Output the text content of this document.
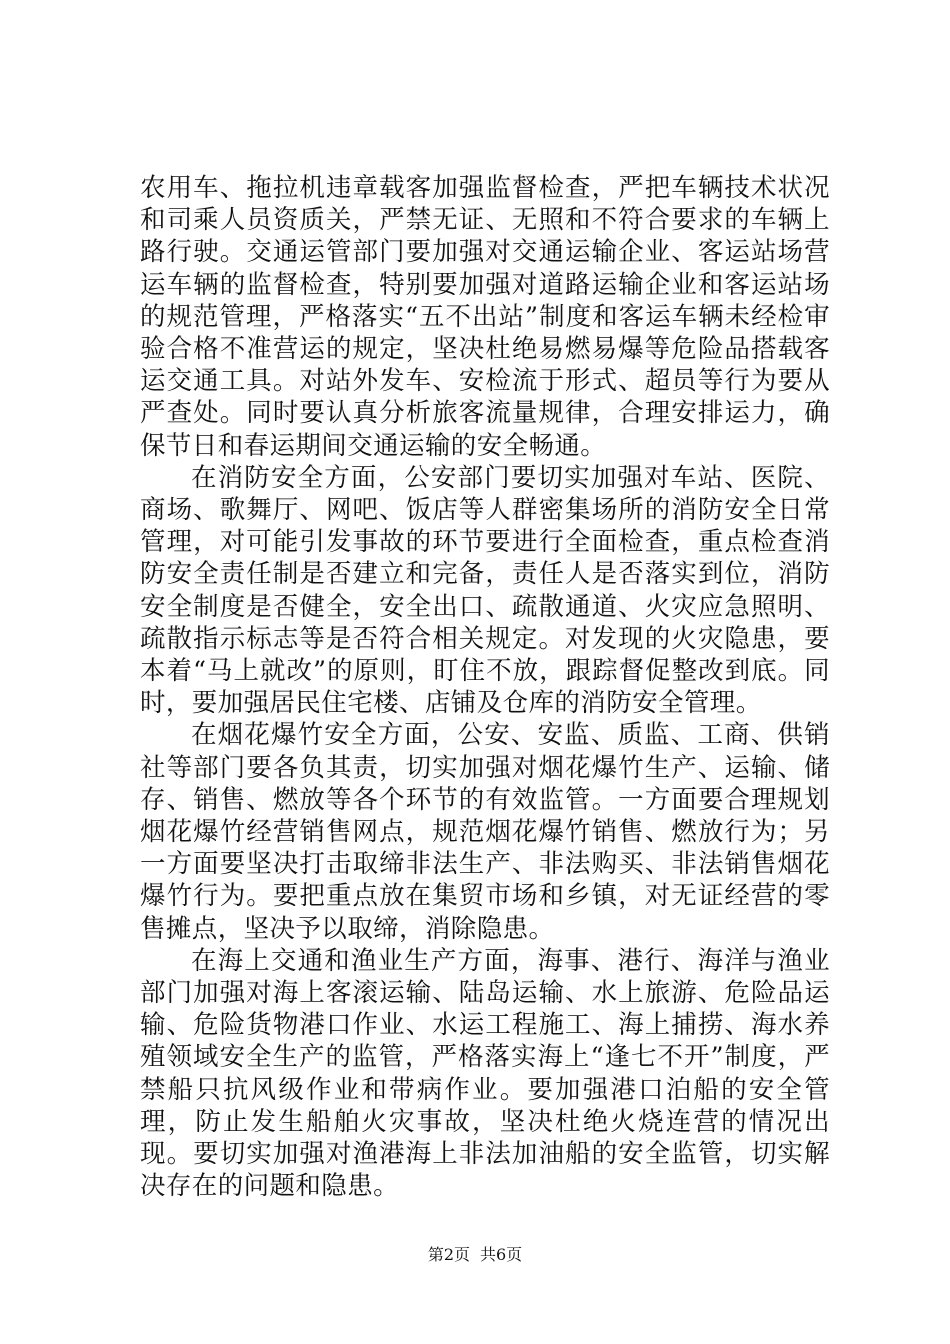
农用车、拖拉机违章载客加强监督检查，严把车辆技术状况和司乘人员资质关，严禁无证、无照和不符合要求的车辆上路行驶。交通运管部门要加强对交通运输企业、客运站场营运车辆的监督检查，特别要加强对道路运输企业和客运站场的规范管理，严格落实“五不出站”制度和客运车辆未经检审验合格不准营运的规定，坚决杜绝易燃易爆等危险品搭载客运交通工具。对站外发车、安检流于形式、超员等行为要从严查处。同时要认真分析旅客流量规律，合理安排运力，确保节日和春运期间交通运输的安全畅通。

在消防安全方面，公安部门要切实加强对车站、医院、商场、歌舞厅、网吧、饭店等人群密集场所的消防安全日常管理，对可能引发事故的环节要进行全面检查，重点检查消防安全责任制是否建立和完备，责任人是否落实到位，消防安全制度是否健全，安全出口、疏散通道、火灾应急照明、疏散指示标志等是否符合相关规定。对发现的火灾隐患，要本着“马上就改”的原则，盯住不放，跟踪督促整改到底。同时，要加强居民住宅楼、店铺及仓库的消防安全管理。

在烟花爆竹安全方面，公安、安监、质监、工商、供销社等部门要各负其责，切实加强对烟花爆竹生产、运输、储存、销售、燃放等各个环节的有效监管。一方面要合理规划烟花爆竹经营销售网点，规范烟花爆竹销售、燃放行为；另一方面要坚决打击取缔非法生产、非法购买、非法销售烟花爆竹行为。要把重点放在集贸市场和乡镇，对无证经营的零售摊点，坚决予以取缔，消除隐患。

在海上交通和渔业生产方面，海事、港行、海洋与渔业部门加强对海上客滚运输、陆岛运输、水上旅游、危险品运输、危险货物港口作业、水运工程施工、海上捕捞、海水养殖领域安全生产的监管，严格落实海上“逢七不开”制度，严禁船只抗风级作业和带病作业。要加强港口泊船的安全管理，防止发生船舶火灾事故，坚决杜绝火烧连营的情况出现。要切实加强对渔港海上非法加油船的安全监管，切实解决存在的问题和隐患。

第2页 共6页
